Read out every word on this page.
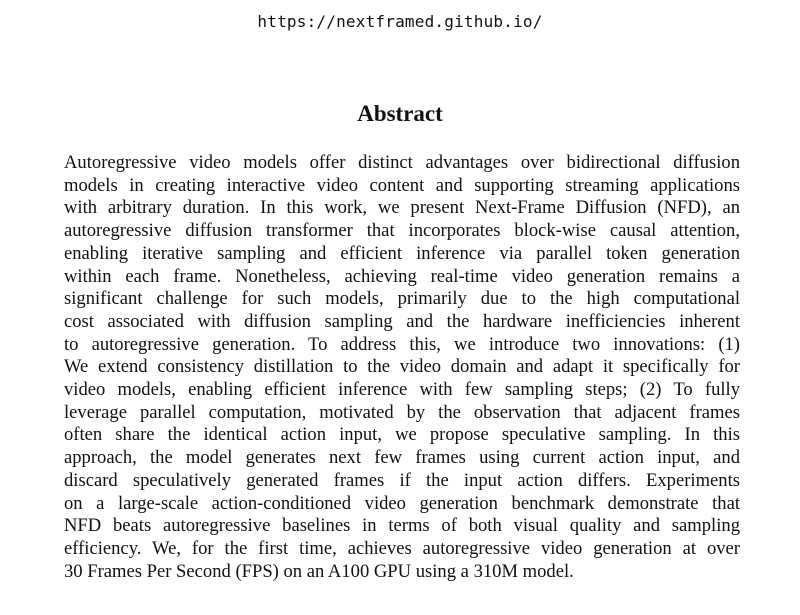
https://nextframed.github.io/
Abstract
Autoregressive video models offer distinct advantages over bidirectional diffusion
models in creating interactive video content and supporting streaming applications
with arbitrary duration. In this work, we present Next-Frame Diffusion (NFD), an
autoregressive diffusion transformer that incorporates block-wise causal attention,
enabling iterative sampling and efficient inference via parallel token generation
within each frame. Nonetheless, achieving real-time video generation remains a
significant challenge for such models, primarily due to the high computational
cost associated with diffusion sampling and the hardware inefficiencies inherent
to autoregressive generation. To address this, we introduce two innovations: (1)
We extend consistency distillation to the video domain and adapt it specifically for
video models, enabling efficient inference with few sampling steps; (2) To fully
leverage parallel computation, motivated by the observation that adjacent frames
often share the identical action input, we propose speculative sampling. In this
approach, the model generates next few frames using current action input, and
discard speculatively generated frames if the input action differs. Experiments
on a large-scale action-conditioned video generation benchmark demonstrate that
NFD beats autoregressive baselines in terms of both visual quality and sampling
efficiency. We, for the first time, achieves autoregressive video generation at over
30 Frames Per Second (FPS) on an A100 GPU using a 310M model.
